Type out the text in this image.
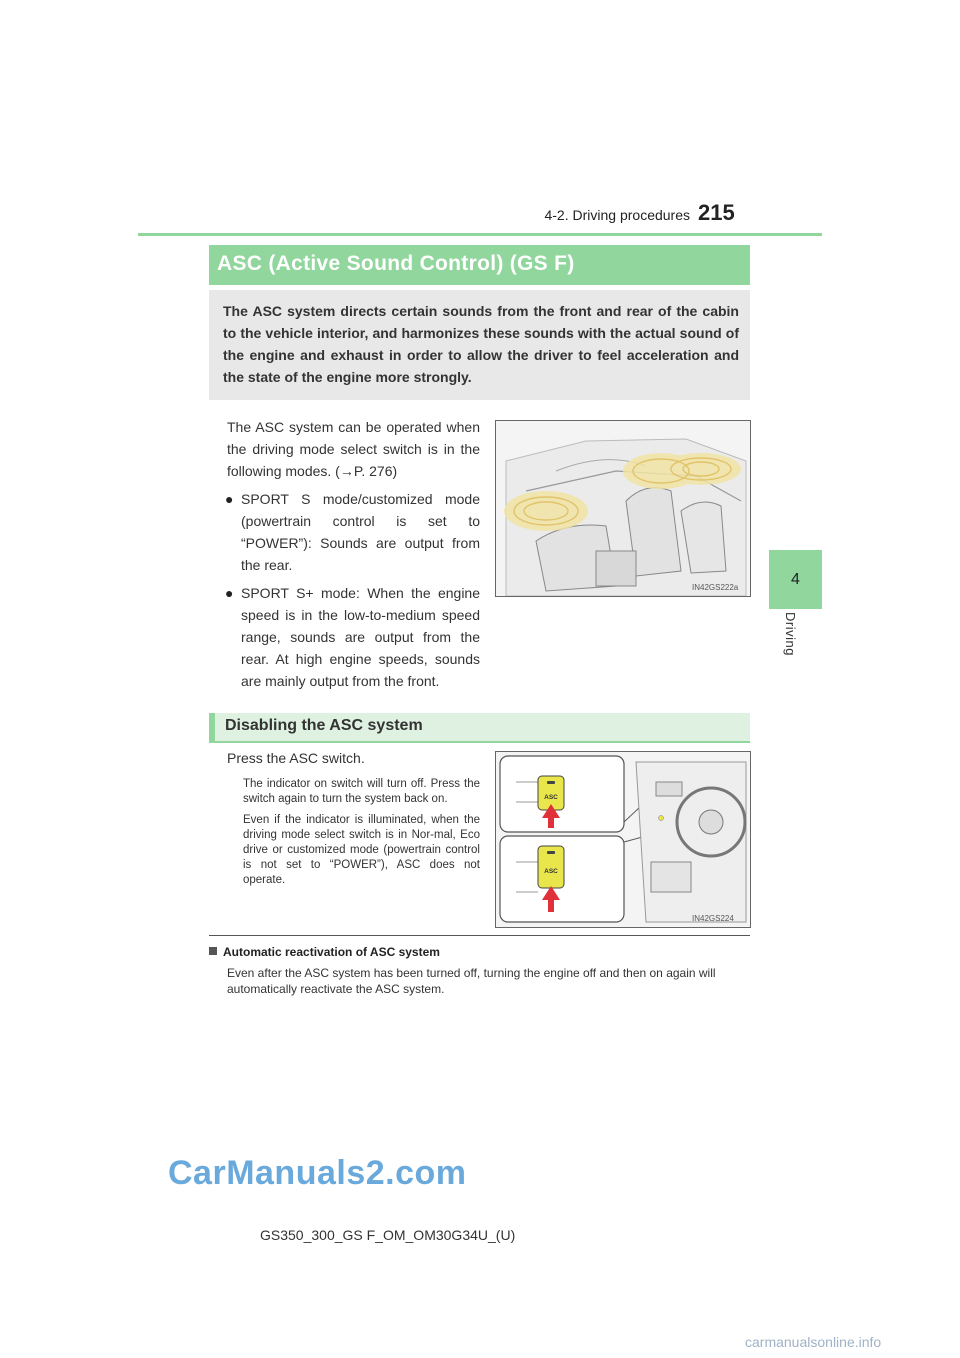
4-2. Driving procedures 215
4
Driving
ASC (Active Sound Control) (GS F)

The ASC system directs certain sounds from the front and rear of the cabin to the vehicle interior, and harmonizes these sounds with the actual sound of the engine and exhaust in order to allow the driver to feel acceleration and the state of the engine more strongly.

The ASC system can be operated when the driving mode select switch is in the following modes. (→P. 276)

● SPORT S mode/customized mode (powertrain control is set to “POWER”): Sounds are output from the rear.

● SPORT S+ mode: When the engine speed is in the low-to-medium speed range, sounds are output from the rear. At high engine speeds, sounds are mainly output from the front.

IN42GS222a
Disabling the ASC system
Press the ASC switch.

The indicator on switch will turn off. Press the switch again to turn the system back on.

Even if the indicator is illuminated, when the driving mode select switch is in Nor-mal, Eco drive or customized mode (powertrain control is not set to “POWER”), ASC does not operate.

ASC
ASC
IN42GS224
Automatic reactivation of ASC system
Even after the ASC system has been turned off, turning the engine off and then on again will automatically reactivate the ASC system.
CarManuals2.com
carmanualsonline.info
GS350_300_GS F_OM_OM30G34U_(U)
